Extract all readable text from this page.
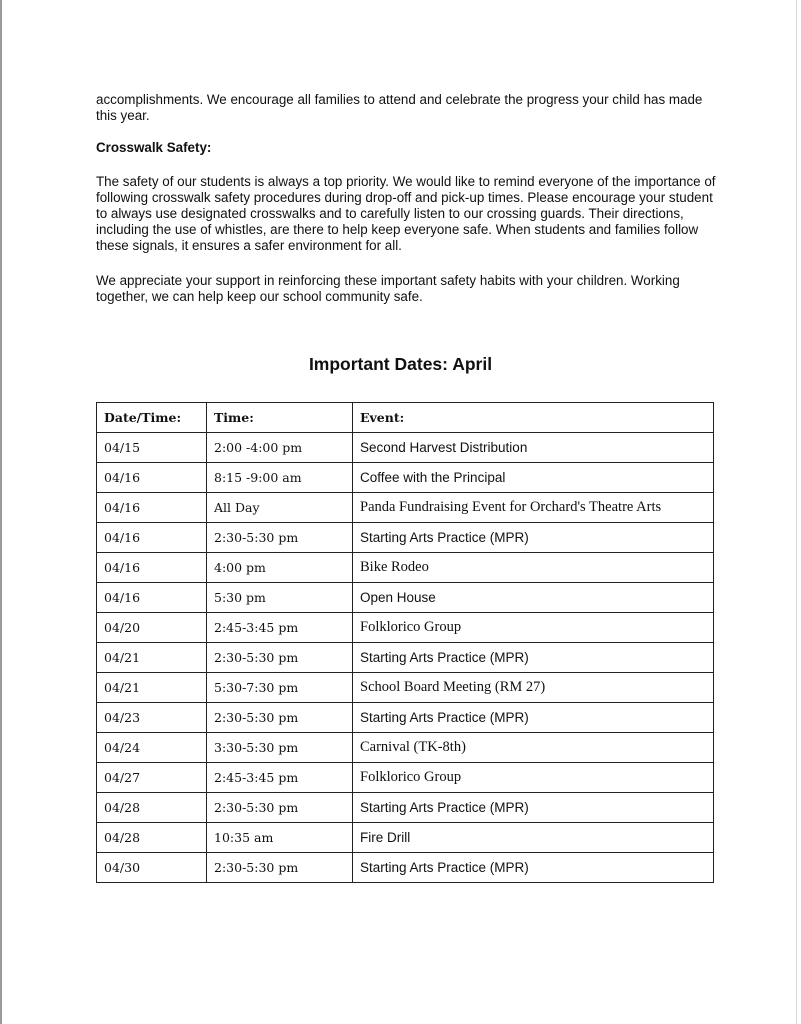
accomplishments. We encourage all families to attend and celebrate the progress your child has made this year.

Crosswalk Safety:

The safety of our students is always a top priority. We would like to remind everyone of the importance of following crosswalk safety procedures during drop-off and pick-up times. Please encourage your student to always use designated crosswalks and to carefully listen to our crossing guards. Their directions, including the use of whistles, are there to help keep everyone safe. When students and families follow these signals, it ensures a safer environment for all.

We appreciate your support in reinforcing these important safety habits with your children. Working together, we can help keep our school community safe.

Important Dates: April
Date/Time:	Time:	Event:
04/15	2:00 -4:00 pm	Second Harvest Distribution
04/16	8:15 -9:00 am	Coffee with the Principal
04/16	All Day	Panda Fundraising Event for Orchard's Theatre Arts
04/16	2:30-5:30 pm	Starting Arts Practice (MPR)
04/16	4:00 pm	Bike Rodeo
04/16	5:30 pm	Open House
04/20	2:45-3:45 pm	Folklorico Group
04/21	2:30-5:30 pm	Starting Arts Practice (MPR)
04/21	5:30-7:30 pm	School Board Meeting (RM 27)
04/23	2:30-5:30 pm	Starting Arts Practice (MPR)
04/24	3:30-5:30 pm	Carnival (TK-8th)
04/27	2:45-3:45 pm	Folklorico Group
04/28	2:30-5:30 pm	Starting Arts Practice (MPR)
04/28	10:35 am	Fire Drill
04/30	2:30-5:30 pm	Starting Arts Practice (MPR)
